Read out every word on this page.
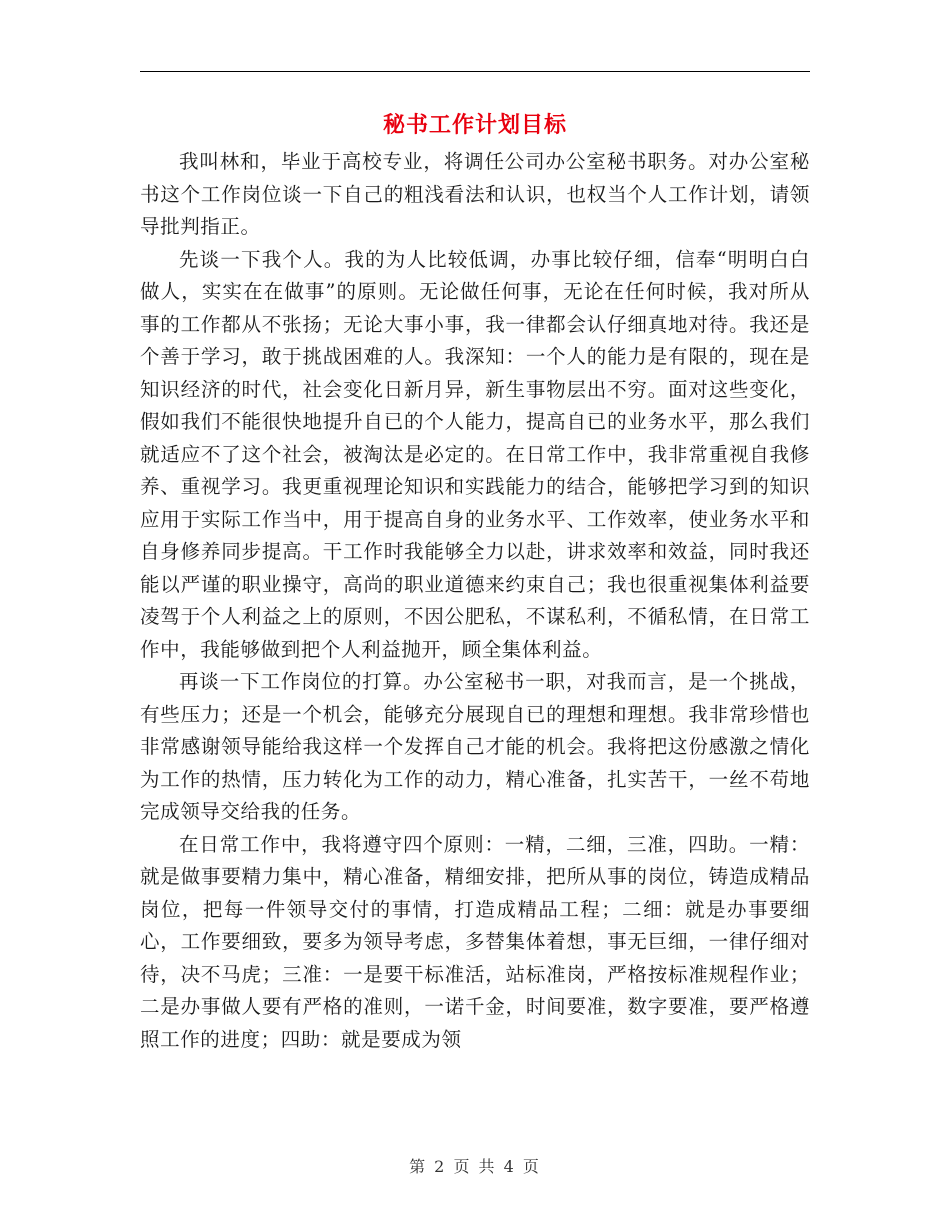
秘书工作计划目标

我叫林和，毕业于高校专业，将调任公司办公室秘书职务。对办公室秘书这个工作岗位谈一下自己的粗浅看法和认识，也权当个人工作计划，请领导批判指正。

先谈一下我个人。我的为人比较低调，办事比较仔细，信奉“明明白白做人，实实在在做事”的原则。无论做任何事，无论在任何时候，我对所从事的工作都从不张扬；无论大事小事，我一律都会认仔细真地对待。我还是个善于学习，敢于挑战困难的人。我深知：一个人的能力是有限的，现在是知识经济的时代，社会变化日新月异，新生事物层出不穷。面对这些变化，假如我们不能很快地提升自已的个人能力，提高自已的业务水平，那么我们就适应不了这个社会，被淘汰是必定的。在日常工作中，我非常重视自我修养、重视学习。我更重视理论知识和实践能力的结合，能够把学习到的知识应用于实际工作当中，用于提高自身的业务水平、工作效率，使业务水平和自身修养同步提高。干工作时我能够全力以赴，讲求效率和效益，同时我还能以严谨的职业操守，高尚的职业道德来约束自己；我也很重视集体利益要凌驾于个人利益之上的原则，不因公肥私，不谋私利，不循私情，在日常工作中，我能够做到把个人利益抛开，顾全集体利益。

再谈一下工作岗位的打算。办公室秘书一职，对我而言，是一个挑战，有些压力；还是一个机会，能够充分展现自已的理想和理想。我非常珍惜也非常感谢领导能给我这样一个发挥自己才能的机会。我将把这份感激之情化为工作的热情，压力转化为工作的动力，精心准备，扎实苦干，一丝不苟地完成领导交给我的任务。

在日常工作中，我将遵守四个原则：一精，二细，三准，四助。一精：就是做事要精力集中，精心准备，精细安排，把所从事的岗位，铸造成精品岗位，把每一件领导交付的事情，打造成精品工程；二细：就是办事要细心，工作要细致，要多为领导考虑，多替集体着想，事无巨细，一律仔细对待，决不马虎；三准：一是要干标准活，站标准岗，严格按标准规程作业；二是办事做人要有严格的准则，一诺千金，时间要准，数字要准，要严格遵照工作的进度；四助：就是要成为领

第 2 页 共 4 页
